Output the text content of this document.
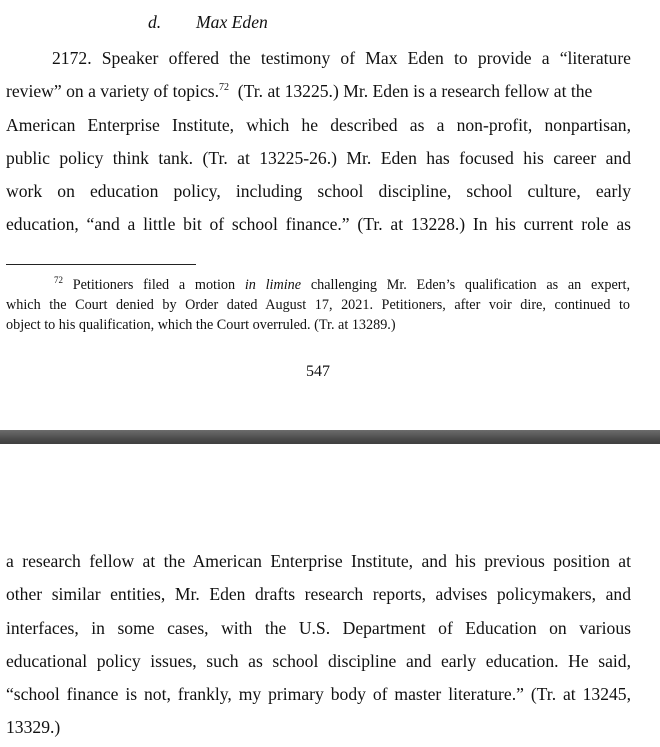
d. Max Eden
2172. Speaker offered the testimony of Max Eden to provide a “literature
review” on a variety of topics.$^{72}$ (Tr. at 13225.) Mr. Eden is a research fellow at the
American Enterprise Institute, which he described as a non-profit, nonpartisan,
public policy think tank. (Tr. at 13225-26.) Mr. Eden has focused his career and
work on education policy, including school discipline, school culture, early
education, “and a little bit of school finance.” (Tr. at 13228.) In his current role as
$^{72}$ Petitioners filed a motion in limine challenging Mr. Eden’s qualification as an expert,
which the Court denied by Order dated August 17, 2021. Petitioners, after voir dire, continued to
object to his qualification, which the Court overruled. (Tr. at 13289.)
547
a research fellow at the American Enterprise Institute, and his previous position at
other similar entities, Mr. Eden drafts research reports, advises policymakers, and
interfaces, in some cases, with the U.S. Department of Education on various
educational policy issues, such as school discipline and early education. He said,
“school finance is not, frankly, my primary body of master literature.” (Tr. at 13245,
13329.)
